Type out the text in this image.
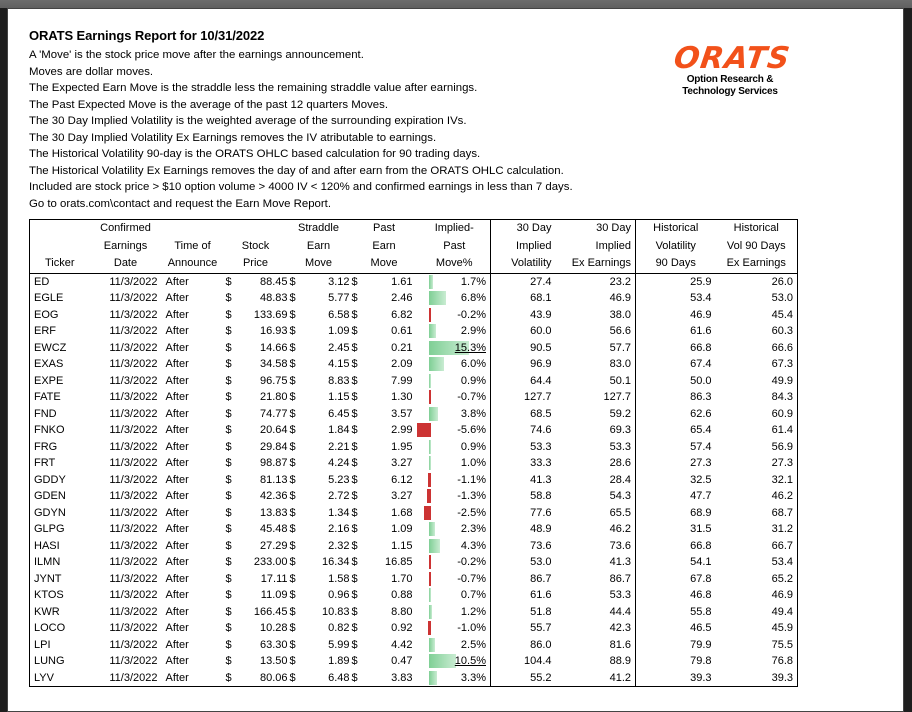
ORATS Earnings Report for 10/31/2022
A 'Move' is the stock price move after the earnings announcement.
Moves are dollar moves.
The Expected Earn Move is the straddle less the remaining straddle value after earnings.
The Past Expected Move is the average of the past 12 quarters Moves.
The 30 Day Implied Volatility is the weighted average of the surrounding expiration IVs.
The 30 Day Implied Volatility Ex Earnings removes the IV atributable to earnings.
The Historical Volatility 90-day is the ORATS OHLC based calculation for 90 trading days.
The Historical Volatility Ex Earnings removes the day of and after earn from the ORATS OHLC calculation.
Included are stock price > $10 option volume > 4000 IV < 120% and confirmed earnings in less than 7 days.
Go to orats.com\contact and request the Earn Move Report.
ORATS
Option Research &
Technology Services
	Confirmed				Straddle		Past		Implied-	30 Day	30 Day	Historical	Historical
	Earnings	Time of	Stock		Earn		Earn		Past	Implied	Implied	Volatility	Vol 90 Days
Ticker	Date	Announce	Price		Move		Move		Move%	Volatility	Ex Earnings	90 Days	Ex Earnings
ED	11/3/2022	After	$	88.45	$	3.12	$	1.61	1.7%	27.4	23.2	25.9	26.0
EGLE	11/3/2022	After	$	48.83	$	5.77	$	2.46	6.8%	68.1	46.9	53.4	53.0
EOG	11/3/2022	After	$	133.69	$	6.58	$	6.82	-0.2%	43.9	38.0	46.9	45.4
ERF	11/3/2022	After	$	16.93	$	1.09	$	0.61	2.9%	60.0	56.6	61.6	60.3
EWCZ	11/3/2022	After	$	14.66	$	2.45	$	0.21	15.3%	90.5	57.7	66.8	66.6
EXAS	11/3/2022	After	$	34.58	$	4.15	$	2.09	6.0%	96.9	83.0	67.4	67.3
EXPE	11/3/2022	After	$	96.75	$	8.83	$	7.99	0.9%	64.4	50.1	50.0	49.9
FATE	11/3/2022	After	$	21.80	$	1.15	$	1.30	-0.7%	127.7	127.7	86.3	84.3
FND	11/3/2022	After	$	74.77	$	6.45	$	3.57	3.8%	68.5	59.2	62.6	60.9
FNKO	11/3/2022	After	$	20.64	$	1.84	$	2.99	-5.6%	74.6	69.3	65.4	61.4
FRG	11/3/2022	After	$	29.84	$	2.21	$	1.95	0.9%	53.3	53.3	57.4	56.9
FRT	11/3/2022	After	$	98.87	$	4.24	$	3.27	1.0%	33.3	28.6	27.3	27.3
GDDY	11/3/2022	After	$	81.13	$	5.23	$	6.12	-1.1%	41.3	28.4	32.5	32.1
GDEN	11/3/2022	After	$	42.36	$	2.72	$	3.27	-1.3%	58.8	54.3	47.7	46.2
GDYN	11/3/2022	After	$	13.83	$	1.34	$	1.68	-2.5%	77.6	65.5	68.9	68.7
GLPG	11/3/2022	After	$	45.48	$	2.16	$	1.09	2.3%	48.9	46.2	31.5	31.2
HASI	11/3/2022	After	$	27.29	$	2.32	$	1.15	4.3%	73.6	73.6	66.8	66.7
ILMN	11/3/2022	After	$	233.00	$	16.34	$	16.85	-0.2%	53.0	41.3	54.1	53.4
JYNT	11/3/2022	After	$	17.11	$	1.58	$	1.70	-0.7%	86.7	86.7	67.8	65.2
KTOS	11/3/2022	After	$	11.09	$	0.96	$	0.88	0.7%	61.6	53.3	46.8	46.9
KWR	11/3/2022	After	$	166.45	$	10.83	$	8.80	1.2%	51.8	44.4	55.8	49.4
LOCO	11/3/2022	After	$	10.28	$	0.82	$	0.92	-1.0%	55.7	42.3	46.5	45.9
LPI	11/3/2022	After	$	63.30	$	5.99	$	4.42	2.5%	86.0	81.6	79.9	75.5
LUNG	11/3/2022	After	$	13.50	$	1.89	$	0.47	10.5%	104.4	88.9	79.8	76.8
LYV	11/3/2022	After	$	80.06	$	6.48	$	3.83	3.3%	55.2	41.2	39.3	39.3
